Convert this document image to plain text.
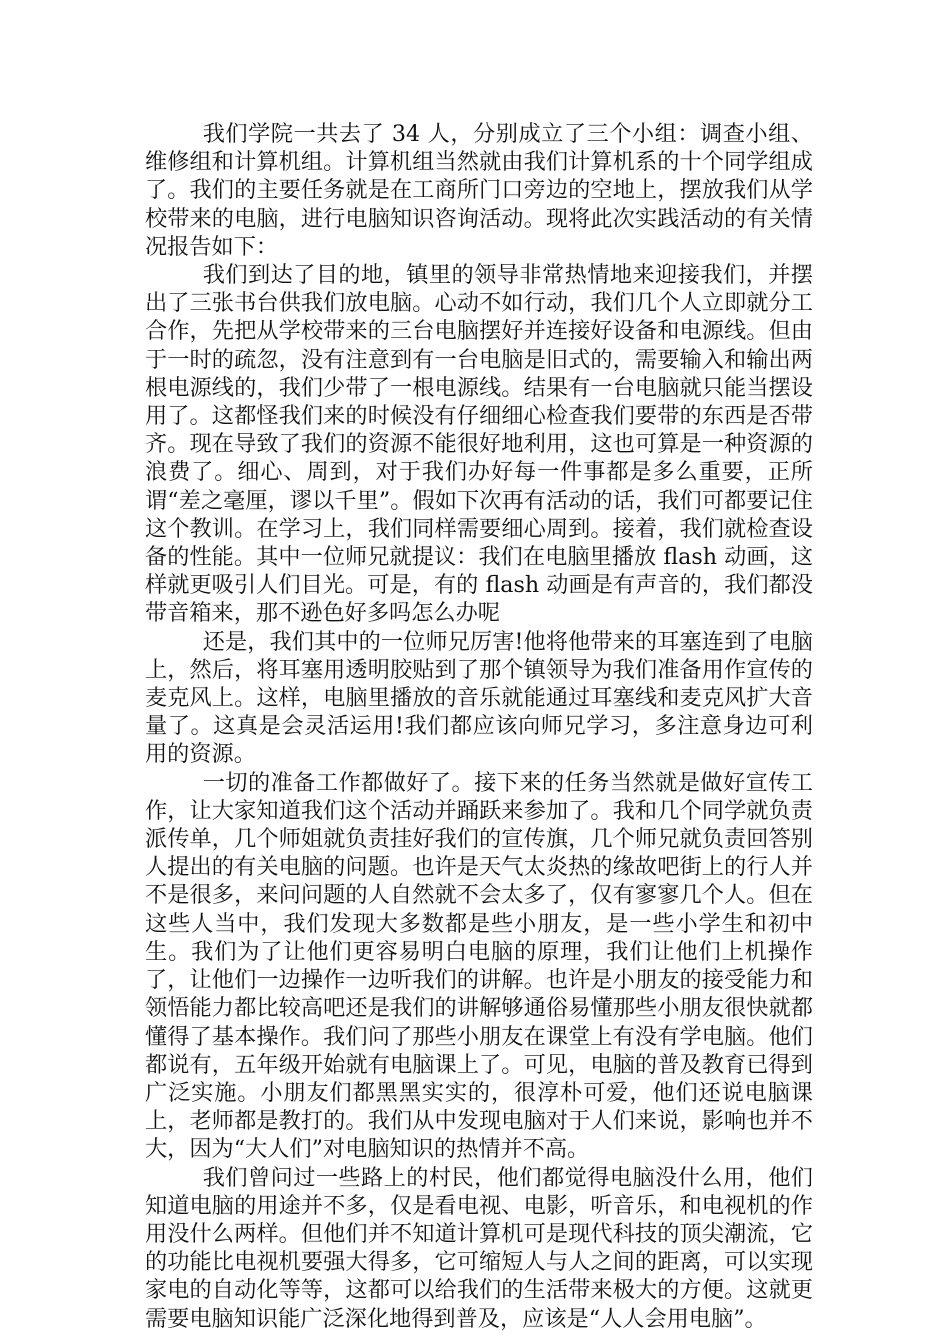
我们学院一共去了 34 人，分别成立了三个小组：调查小组、维修组和计算机组。计算机组当然就由我们计算机系的十个同学组成了。我们的主要任务就是在工商所门口旁边的空地上，摆放我们从学校带来的电脑，进行电脑知识咨询活动。现将此次实践活动的有关情况报告如下：

我们到达了目的地，镇里的领导非常热情地来迎接我们，并摆出了三张书台供我们放电脑。心动不如行动，我们几个人立即就分工合作，先把从学校带来的三台电脑摆好并连接好设备和电源线。但由于一时的疏忽，没有注意到有一台电脑是旧式的，需要输入和输出两根电源线的，我们少带了一根电源线。结果有一台电脑就只能当摆设用了。这都怪我们来的时候没有仔细细心检查我们要带的东西是否带齐。现在导致了我们的资源不能很好地利用，这也可算是一种资源的浪费了。细心、周到，对于我们办好每一件事都是多么重要，正所谓“差之毫厘，谬以千里”。假如下次再有活动的话，我们可都要记住这个教训。在学习上，我们同样需要细心周到。接着，我们就检查设备的性能。其中一位师兄就提议：我们在电脑里播放 flash 动画，这样就更吸引人们目光。可是，有的 flash 动画是有声音的，我们都没带音箱来，那不逊色好多吗怎么办呢

还是，我们其中的一位师兄厉害!他将他带来的耳塞连到了电脑上，然后，将耳塞用透明胶贴到了那个镇领导为我们准备用作宣传的麦克风上。这样，电脑里播放的音乐就能通过耳塞线和麦克风扩大音量了。这真是会灵活运用!我们都应该向师兄学习，多注意身边可利用的资源。

一切的准备工作都做好了。接下来的任务当然就是做好宣传工作，让大家知道我们这个活动并踊跃来参加了。我和几个同学就负责派传单，几个师姐就负责挂好我们的宣传旗，几个师兄就负责回答别人提出的有关电脑的问题。也许是天气太炎热的缘故吧街上的行人并不是很多，来问问题的人自然就不会太多了，仅有寥寥几个人。但在这些人当中，我们发现大多数都是些小朋友，是一些小学生和初中生。我们为了让他们更容易明白电脑的原理，我们让他们上机操作了，让他们一边操作一边听我们的讲解。也许是小朋友的接受能力和领悟能力都比较高吧还是我们的讲解够通俗易懂那些小朋友很快就都懂得了基本操作。我们问了那些小朋友在课堂上有没有学电脑。他们都说有，五年级开始就有电脑课上了。可见，电脑的普及教育已得到广泛实施。小朋友们都黑黑实实的，很淳朴可爱，他们还说电脑课上，老师都是教打的。我们从中发现电脑对于人们来说，影响也并不大，因为“大人们”对电脑知识的热情并不高。

我们曾问过一些路上的村民，他们都觉得电脑没什么用，他们知道电脑的用途并不多，仅是看电视、电影，听音乐，和电视机的作用没什么两样。但他们并不知道计算机可是现代科技的顶尖潮流，它的功能比电视机要强大得多，它可缩短人与人之间的距离，可以实现家电的自动化等等，这都可以给我们的生活带来极大的方便。这就更需要电脑知识能广泛深化地得到普及，应该是“人人会用电脑”。
